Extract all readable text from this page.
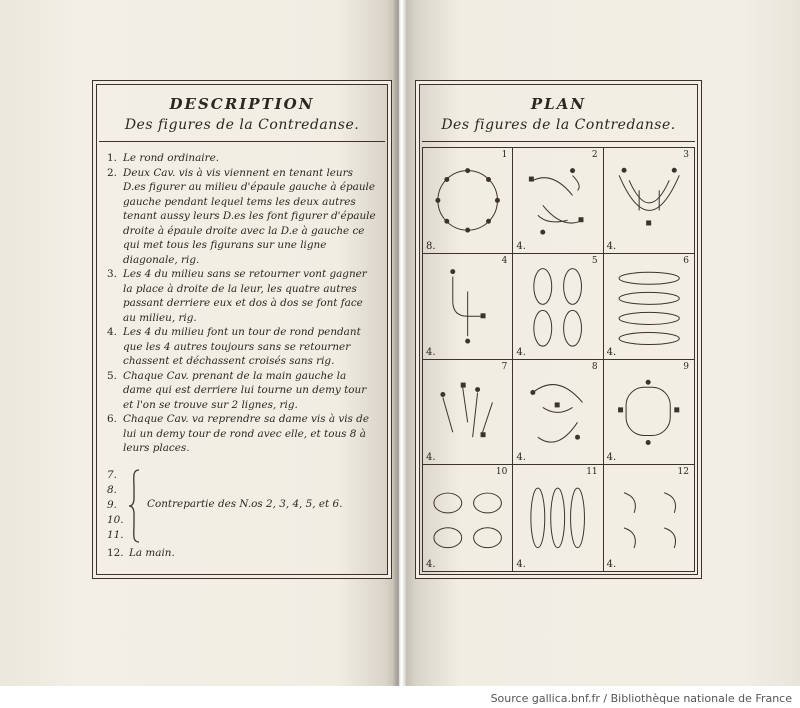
DESCRIPTION
Des figures de la Contredanse.
1. Le rond ordinaire.
2. Deux Cav. vis à vis viennent en tenant leurs D.es figurer au milieu d'épaule gauche à épaule gauche pendant lequel tems les deux autres tenant aussy leurs D.es les font figurer d'épaule droite à épaule droite avec la D.e à gauche ce qui met tous les figurans sur une ligne diagonale, rig.
3. Les 4 du milieu sans se retourner vont gagner la place à droite de la leur, les quatre autres passant derriere eux et dos à dos se font face au milieu, rig.
4. Les 4 du milieu font un tour de rond pendant que les 4 autres toujours sans se retourner chassent et déchassent croisés sans rig.
5. Chaque Cav. prenant de la main gauche la dame qui est derriere lui tourne un demy tour et l'on se trouve sur 2 lignes, rig.
6. Chaque Cav. va reprendre sa dame vis à vis de lui un demy tour de rond avec elle, et tous 8 à leurs places.
7.
8.
9.
10.
11.
Contrepartie des N.os 2, 3, 4, 5, et 6.
12. La main.
PLAN
Des figures de la Contredanse.
1
8.
2
4.
3
4.
4
4.
5
4.
6
4.
7
4.
8
4.
9
4.
10
4.
11
4.
12
4.
Source gallica.bnf.fr / Bibliothèque nationale de France
